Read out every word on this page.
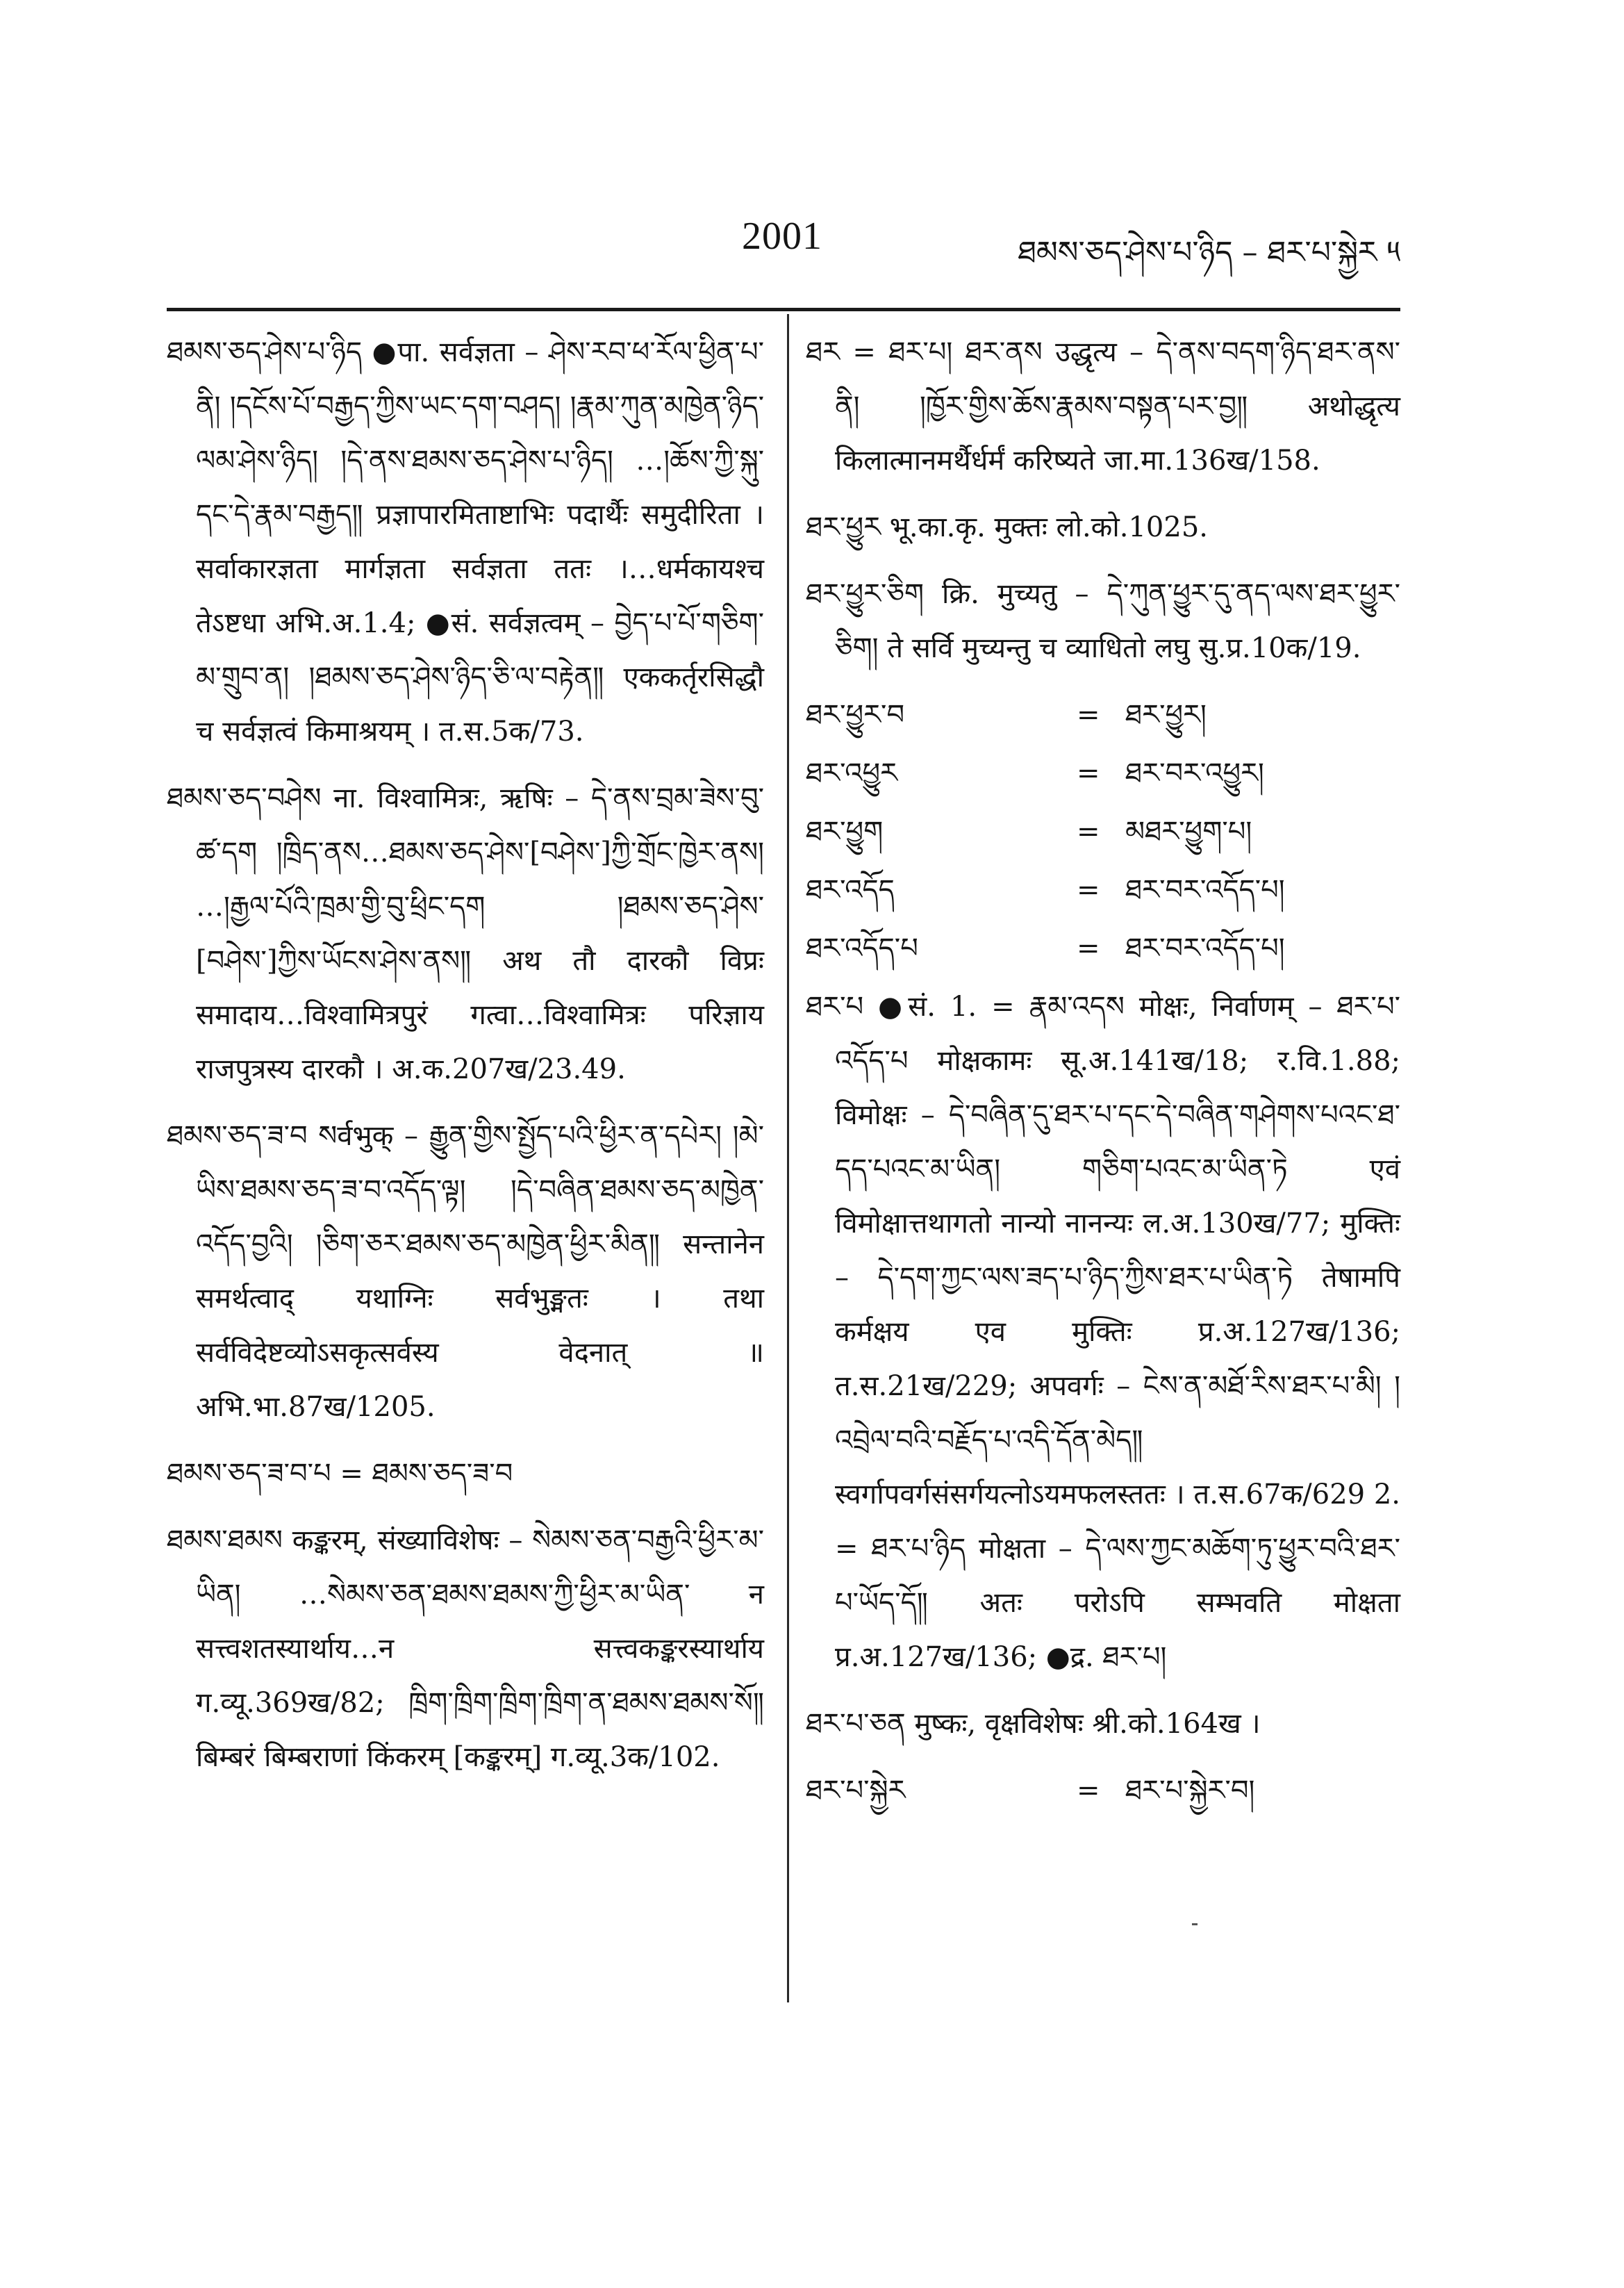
2001	ཐམས་ཅད་ཤེས་པ་ཉིད – ཐར་པ་སྐྱེར ༥

ཐམས་ཅད་ཤེས་པ་ཉིད ●पा. सर्वज्ञता – ཤེས་རབ་ཕ་རོལ་ཕྱིན་པ་ནི། །དངོས་པོ་བརྒྱད་ཀྱིས་ཡང་དག་བཤད། །རྣམ་ཀུན་མཁྱེན་ཉིད་ལམ་ཤེས་ཉིད། །དེ་ནས་ཐམས་ཅད་ཤེས་པ་ཉིད། …།ཆོས་ཀྱི་སྐུ་དང་དེ་རྣམ་བརྒྱད༎ प्रज्ञापारमिताष्टाभिः पदार्थैः समुदीरिता । सर्वाकारज्ञता मार्गज्ञता सर्वज्ञता ततः ।…धर्मकायश्च तेऽष्टधा अभि.अ.1.4; ●सं. सर्वज्ञत्वम् – བྱེད་པ་པོ་གཅིག་མ་གྲུབ་ན། །ཐམས་ཅད་ཤེས་ཉིད་ཅི་ལ་བརྟེན༎ एककर्तृरसिद्धौ च सर्वज्ञत्वं किमाश्रयम् । त.स.5क/73.

ཐམས་ཅད་བཤེས ना. विश्वामित्रः, ऋषिः – དེ་ནས་བྲམ་ཟེས་བུ་ཚ་དག །ཁྲིད་ནས…ཐམས་ཅད་ཤེས་[བཤེས་]ཀྱི་གྲོང་ཁྱེར་ནས། …།རྒྱལ་པོའི་ཁྲམ་གྱི་བུ་ཕྲིང་དག །ཐམས་ཅད་ཤེས་[བཤེས་]ཀྱིས་ཡོངས་ཤེས་ནས༎ अथ तौ दारकौ विप्रः समादाय…विश्वामित्रपुरं गत्वा…विश्वामित्रः परिज्ञाय राजपुत्रस्य दारकौ । अ.क.207ख/23.49.

ཐམས་ཅད་ཟ་བ སर्वभुक् – རྒྱུན་གྱིས་སྤྱོད་པའི་ཕྱིར་ན་དཔེར། །མེ་ཡིས་ཐམས་ཅད་ཟ་བ་འདོད་ལྟ། །དེ་བཞིན་ཐམས་ཅད་མཁྱེན་འདོད་བྱའི། །ཅིག་ཅར་ཐམས་ཅད་མཁྱེན་ཕྱིར་མིན༎ सन्तानेन समर्थत्वाद् यथाग्निः सर्वभुङ्मतः । तथा सर्वविदेष्टव्योऽसकृत्सर्वस्य वेदनात् ॥ अभि.भा.87ख/1205.

ཐམས་ཅད་ཟ་བ་པ = ཐམས་ཅད་ཟ་བ

ཐམས་ཐམས कङ्करम्, संख्याविशेषः – སེམས་ཅན་བརྒྱའི་ཕྱིར་མ་ཡིན། …སེམས་ཅན་ཐམས་ཐམས་ཀྱི་ཕྱིར་མ་ཡིན་ न सत्त्वशतस्यार्थाय…न सत्त्वकङ्करस्यार्थाय ग.व्यू.369ख/82; ཁྲིག་ཁྲིག་ཁྲིག་ཁྲིག་ན་ཐམས་ཐམས་སོ༎ बिम्बरं बिम्बराणां किंकरम् [कङ्करम्] ग.व्यू.3क/102.

ཐར = ཐར་པ། ཐར་ནས उद्धृत्य – དེ་ནས་བདག་ཉིད་ཐར་ནས་ནི། །ཁྱོར་གྱིས་ཆོས་རྣམས་བསྟན་པར་བྱ༎ अथोद्धृत्य किलात्मानमर्थैर्धर्मं करिष्यते जा.मा.136ख/158.

ཐར་ཕྱུར भू.का.कृ. मुक्तः लो.को.1025.

ཐར་ཕྱུར་ཅིག क्रि. मुच्यतु – དེ་ཀུན་ཕྱུར་དུ་ནད་ལས་ཐར་ཕྱུར་ཅིག། ते सर्वि मुच्यन्तु च व्याधितो लघु सु.प्र.10क/19.

ཐར་ཕྱུར་བ	= ཐར་ཕྱུར།
ཐར་འཕྱུར	= ཐར་བར་འཕྱུར།
ཐར་ཕྱུག	= མཐར་ཕྱུག་པ།
ཐར་འདོད	= ཐར་བར་འདོད་པ།
ཐར་འདོད་པ	= ཐར་བར་འདོད་པ།

ཐར་པ ●सं. 1. = རྣམ་འདས मोक्षः, निर्वाणम् – ཐར་པ་འདོད་པ मोक्षकामः सू.अ.141ख/18; र.वि.1.88; विमोक्षः – དེ་བཞིན་དུ་ཐར་པ་དང་དེ་བཞིན་གཤེགས་པའང་ཐ་དད་པའང་མ་ཡིན། གཅིག་པའང་མ་ཡིན་ཏེ एवं विमोक्षात्तथागतो नान्यो नानन्यः ल.अ.130ख/77; मुक्तिः – དེ་དག་ཀྱང་ལས་ཟད་པ་ཉིད་ཀྱིས་ཐར་པ་ཡིན་ཏེ तेषामपि कर्मक्षय एव मुक्तिः प्र.अ.127ख/136; त.स.21ख/229; अपवर्गः – ངེས་ན་མཐོ་རིས་ཐར་པ་མི། །འབྲེལ་བའི་བརྗོད་པ་འདི་དོན་མེད༎ स्वर्गापवर्गसंसर्गयत्नोऽयमफलस्ततः । त.स.67क/629 2. = ཐར་པ་ཉིད मोक्षता – དེ་ལས་ཀྱང་མཆོག་ཏུ་ཕྱུར་བའི་ཐར་པ་ཡོད་དོ༎ अतः परोऽपि सम्भवति मोक्षता प्र.अ.127ख/136; ●द्र. ཐར་པ།

ཐར་པ་ཅན मुष्कः, वृक्षविशेषः श्री.को.164ख ।

ཐར་པ་སྐྱེར	= ཐར་པ་སྐྱེར་བ།
